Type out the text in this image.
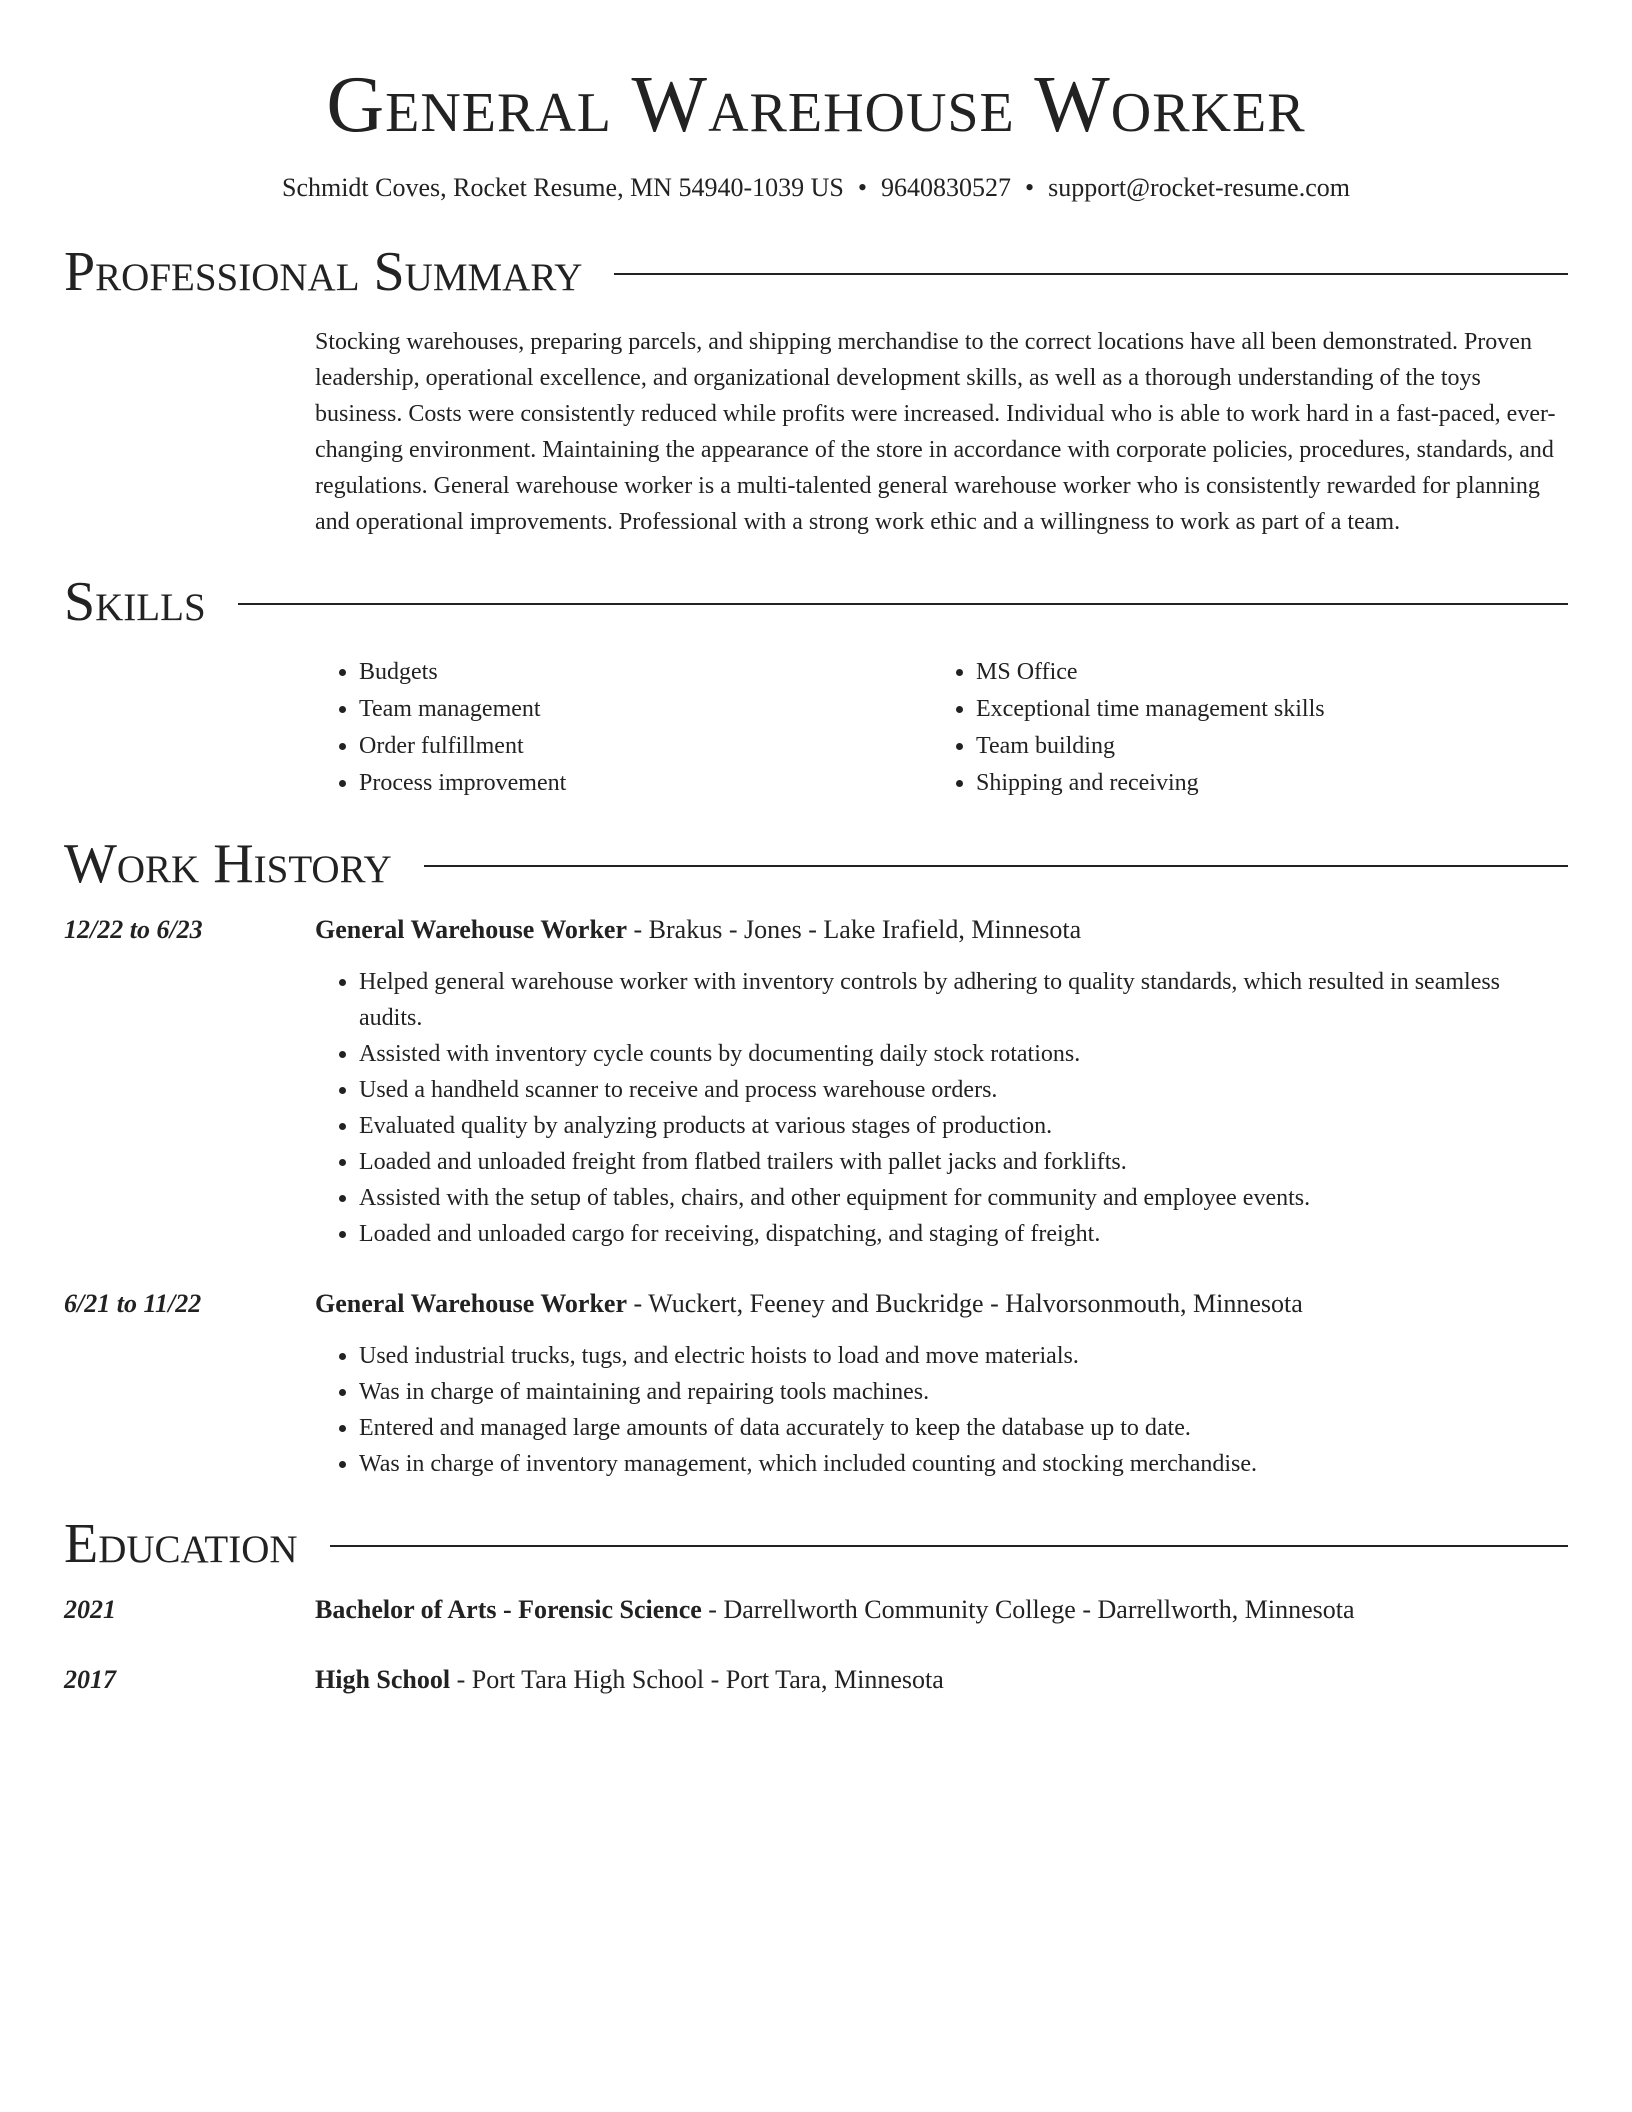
General Warehouse Worker
Schmidt Coves, Rocket Resume, MN 54940-1039 US • 9640830527 • support@rocket-resume.com
Professional Summary
Stocking warehouses, preparing parcels, and shipping merchandise to the correct locations have all been demonstrated. Proven leadership, operational excellence, and organizational development skills, as well as a thorough understanding of the toys business. Costs were consistently reduced while profits were increased. Individual who is able to work hard in a fast-paced, ever-changing environment. Maintaining the appearance of the store in accordance with corporate policies, procedures, standards, and regulations. General warehouse worker is a multi-talented general warehouse worker who is consistently rewarded for planning and operational improvements. Professional with a strong work ethic and a willingness to work as part of a team.
Skills
• Budgets
• Team management
• Order fulfillment
• Process improvement
• MS Office
• Exceptional time management skills
• Team building
• Shipping and receiving
Work History
12/22 to 6/23	General Warehouse Worker - Brakus - Jones - Lake Irafield, Minnesota
• Helped general warehouse worker with inventory controls by adhering to quality standards, which resulted in seamless audits.
• Assisted with inventory cycle counts by documenting daily stock rotations.
• Used a handheld scanner to receive and process warehouse orders.
• Evaluated quality by analyzing products at various stages of production.
• Loaded and unloaded freight from flatbed trailers with pallet jacks and forklifts.
• Assisted with the setup of tables, chairs, and other equipment for community and employee events.
• Loaded and unloaded cargo for receiving, dispatching, and staging of freight.
6/21 to 11/22	General Warehouse Worker - Wuckert, Feeney and Buckridge - Halvorsonmouth, Minnesota
• Used industrial trucks, tugs, and electric hoists to load and move materials.
• Was in charge of maintaining and repairing tools machines.
• Entered and managed large amounts of data accurately to keep the database up to date.
• Was in charge of inventory management, which included counting and stocking merchandise.
Education
2021	Bachelor of Arts - Forensic Science - Darrellworth Community College - Darrellworth, Minnesota
2017	High School - Port Tara High School - Port Tara, Minnesota
